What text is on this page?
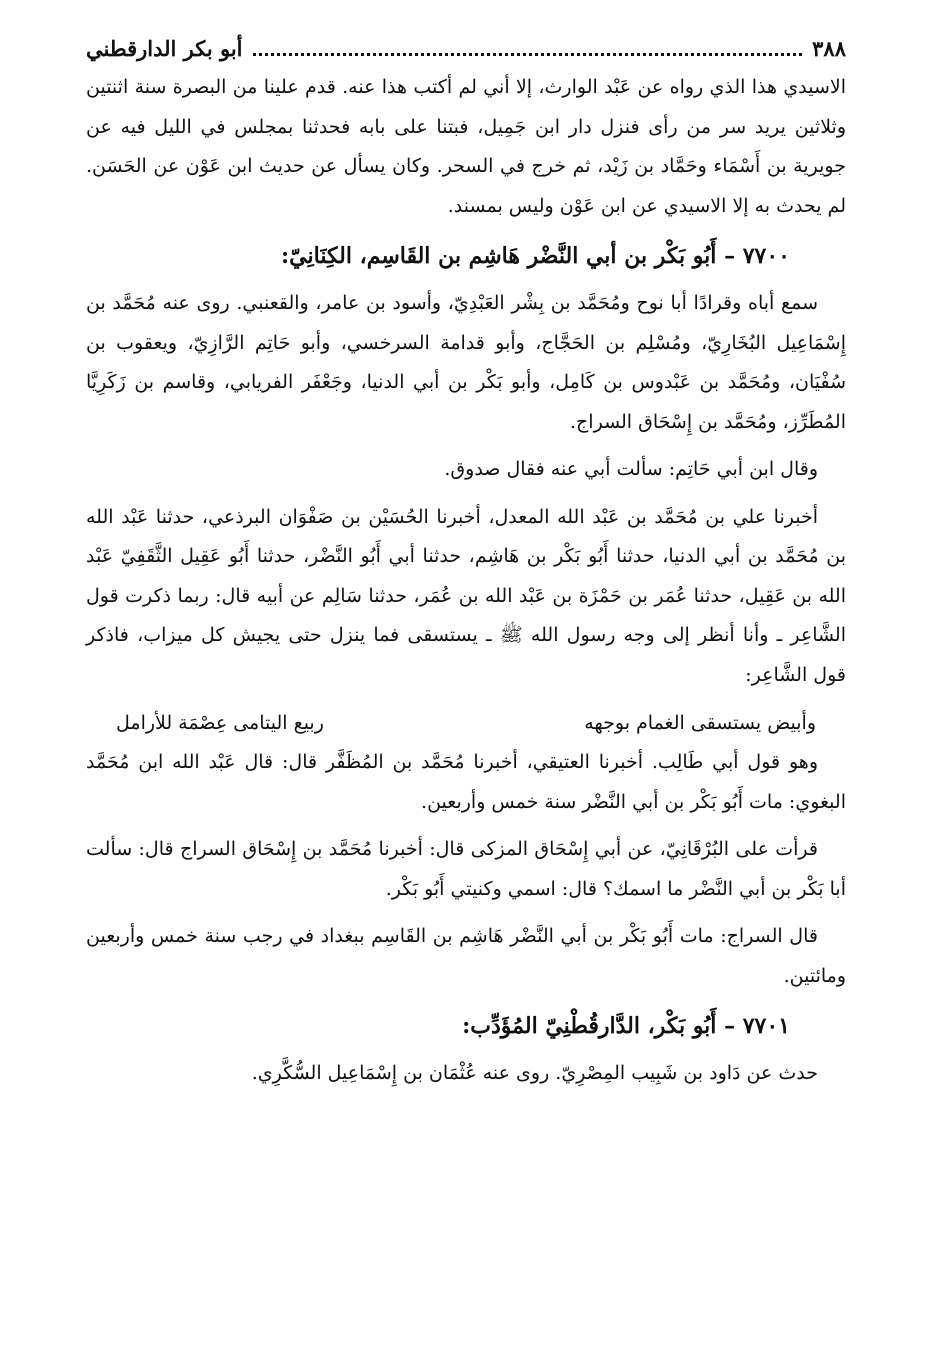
٣٨٨
أبو بكر الدارقطني

الاسيدي هذا الذي رواه عن عَبْد الوارث، إلا أني لم أكتب هذا عنه. قدم علينا من البصرة سنة اثنتين وثلاثين يريد سر من رأى فنزل دار ابن جَمِيل، فبتنا على بابه فحدثنا بمجلس في الليل فيه عن جويرية بن أَسْمَاء وحَمَّاد بن زَيْد، ثم خرج في السحر. وكان يسأل عن حديث ابن عَوْن عن الحَسَن. لم يحدث به إلا الاسيدي عن ابن عَوْن وليس بمسند.

٧٧٠٠ – أَبُو بَكْر بن أبي النَّضْر هَاشِم بن القَاسِم، الكِنَانِيّ:

سمع أباه وقرادًا أبا نوح ومُحَمَّد بن بِشْر العَبْدِيّ، وأسود بن عامر، والقعنبي. روى عنه مُحَمَّد بن إِسْمَاعِيل البُخَارِيّ، ومُسْلِم بن الحَجَّاج، وأبو قدامة السرخسي، وأبو حَاتِم الرَّازِيّ، ويعقوب بن سُفْيَان، ومُحَمَّد بن عَبْدوس بن كَامِل، وأبو بَكْر بن أبي الدنيا، وجَعْفَر الفريابي، وقاسم بن زَكَرِيَّا المُطَرِّز، ومُحَمَّد بن إِسْحَاق السراج.

وقال ابن أبي حَاتِم: سألت أبي عنه فقال صدوق.

أخبرنا علي بن مُحَمَّد بن عَبْد الله المعدل، أخبرنا الحُسَيْن بن صَفْوَان البرذعي، حدثنا عَبْد الله بن مُحَمَّد بن أبي الدنيا، حدثنا أَبُو بَكْر بن هَاشِم، حدثنا أبي أَبُو النَّضْر، حدثنا أَبُو عَقِيل الثَّقَفِيّ عَبْد الله بن عَقِيل، حدثنا عُمَر بن حَمْزَة بن عَبْد الله بن عُمَر، حدثنا سَالِم عن أبيه قال: ربما ذكرت قول الشَّاعِر ـ وأنا أنظر إلى وجه رسول الله ﷺ ـ يستسقى فما ينزل حتى يجيش كل ميزاب، فاذكر قول الشَّاعِر:

وأبيض يستسقى الغمام بوجهه
ربيع اليتامى عِصْمَة للأرامل

وهو قول أبي طَالِب. أخبرنا العتيقي، أخبرنا مُحَمَّد بن المُظَفَّر قال: قال عَبْد الله ابن مُحَمَّد البغوي: مات أَبُو بَكْر بن أبي النَّضْر سنة خمس وأربعين.

قرأت على البُرْقَانِيّ، عن أبي إِسْحَاق المزكى قال: أخبرنا مُحَمَّد بن إِسْحَاق السراج قال: سألت أبا بَكْر بن أبي النَّضْر ما اسمك؟ قال: اسمي وكنيتي أَبُو بَكْر.

قال السراج: مات أَبُو بَكْر بن أبي النَّضْر هَاشِم بن القَاسِم ببغداد في رجب سنة خمس وأربعين ومائتين.

٧٧٠١ – أَبُو بَكْر، الدَّارقُطْنِيّ المُؤَدِّب:

حدث عن دَاود بن شَبِيب المِصْرِيّ. روى عنه عُثْمَان بن إِسْمَاعِيل السُّكَّرِي.
